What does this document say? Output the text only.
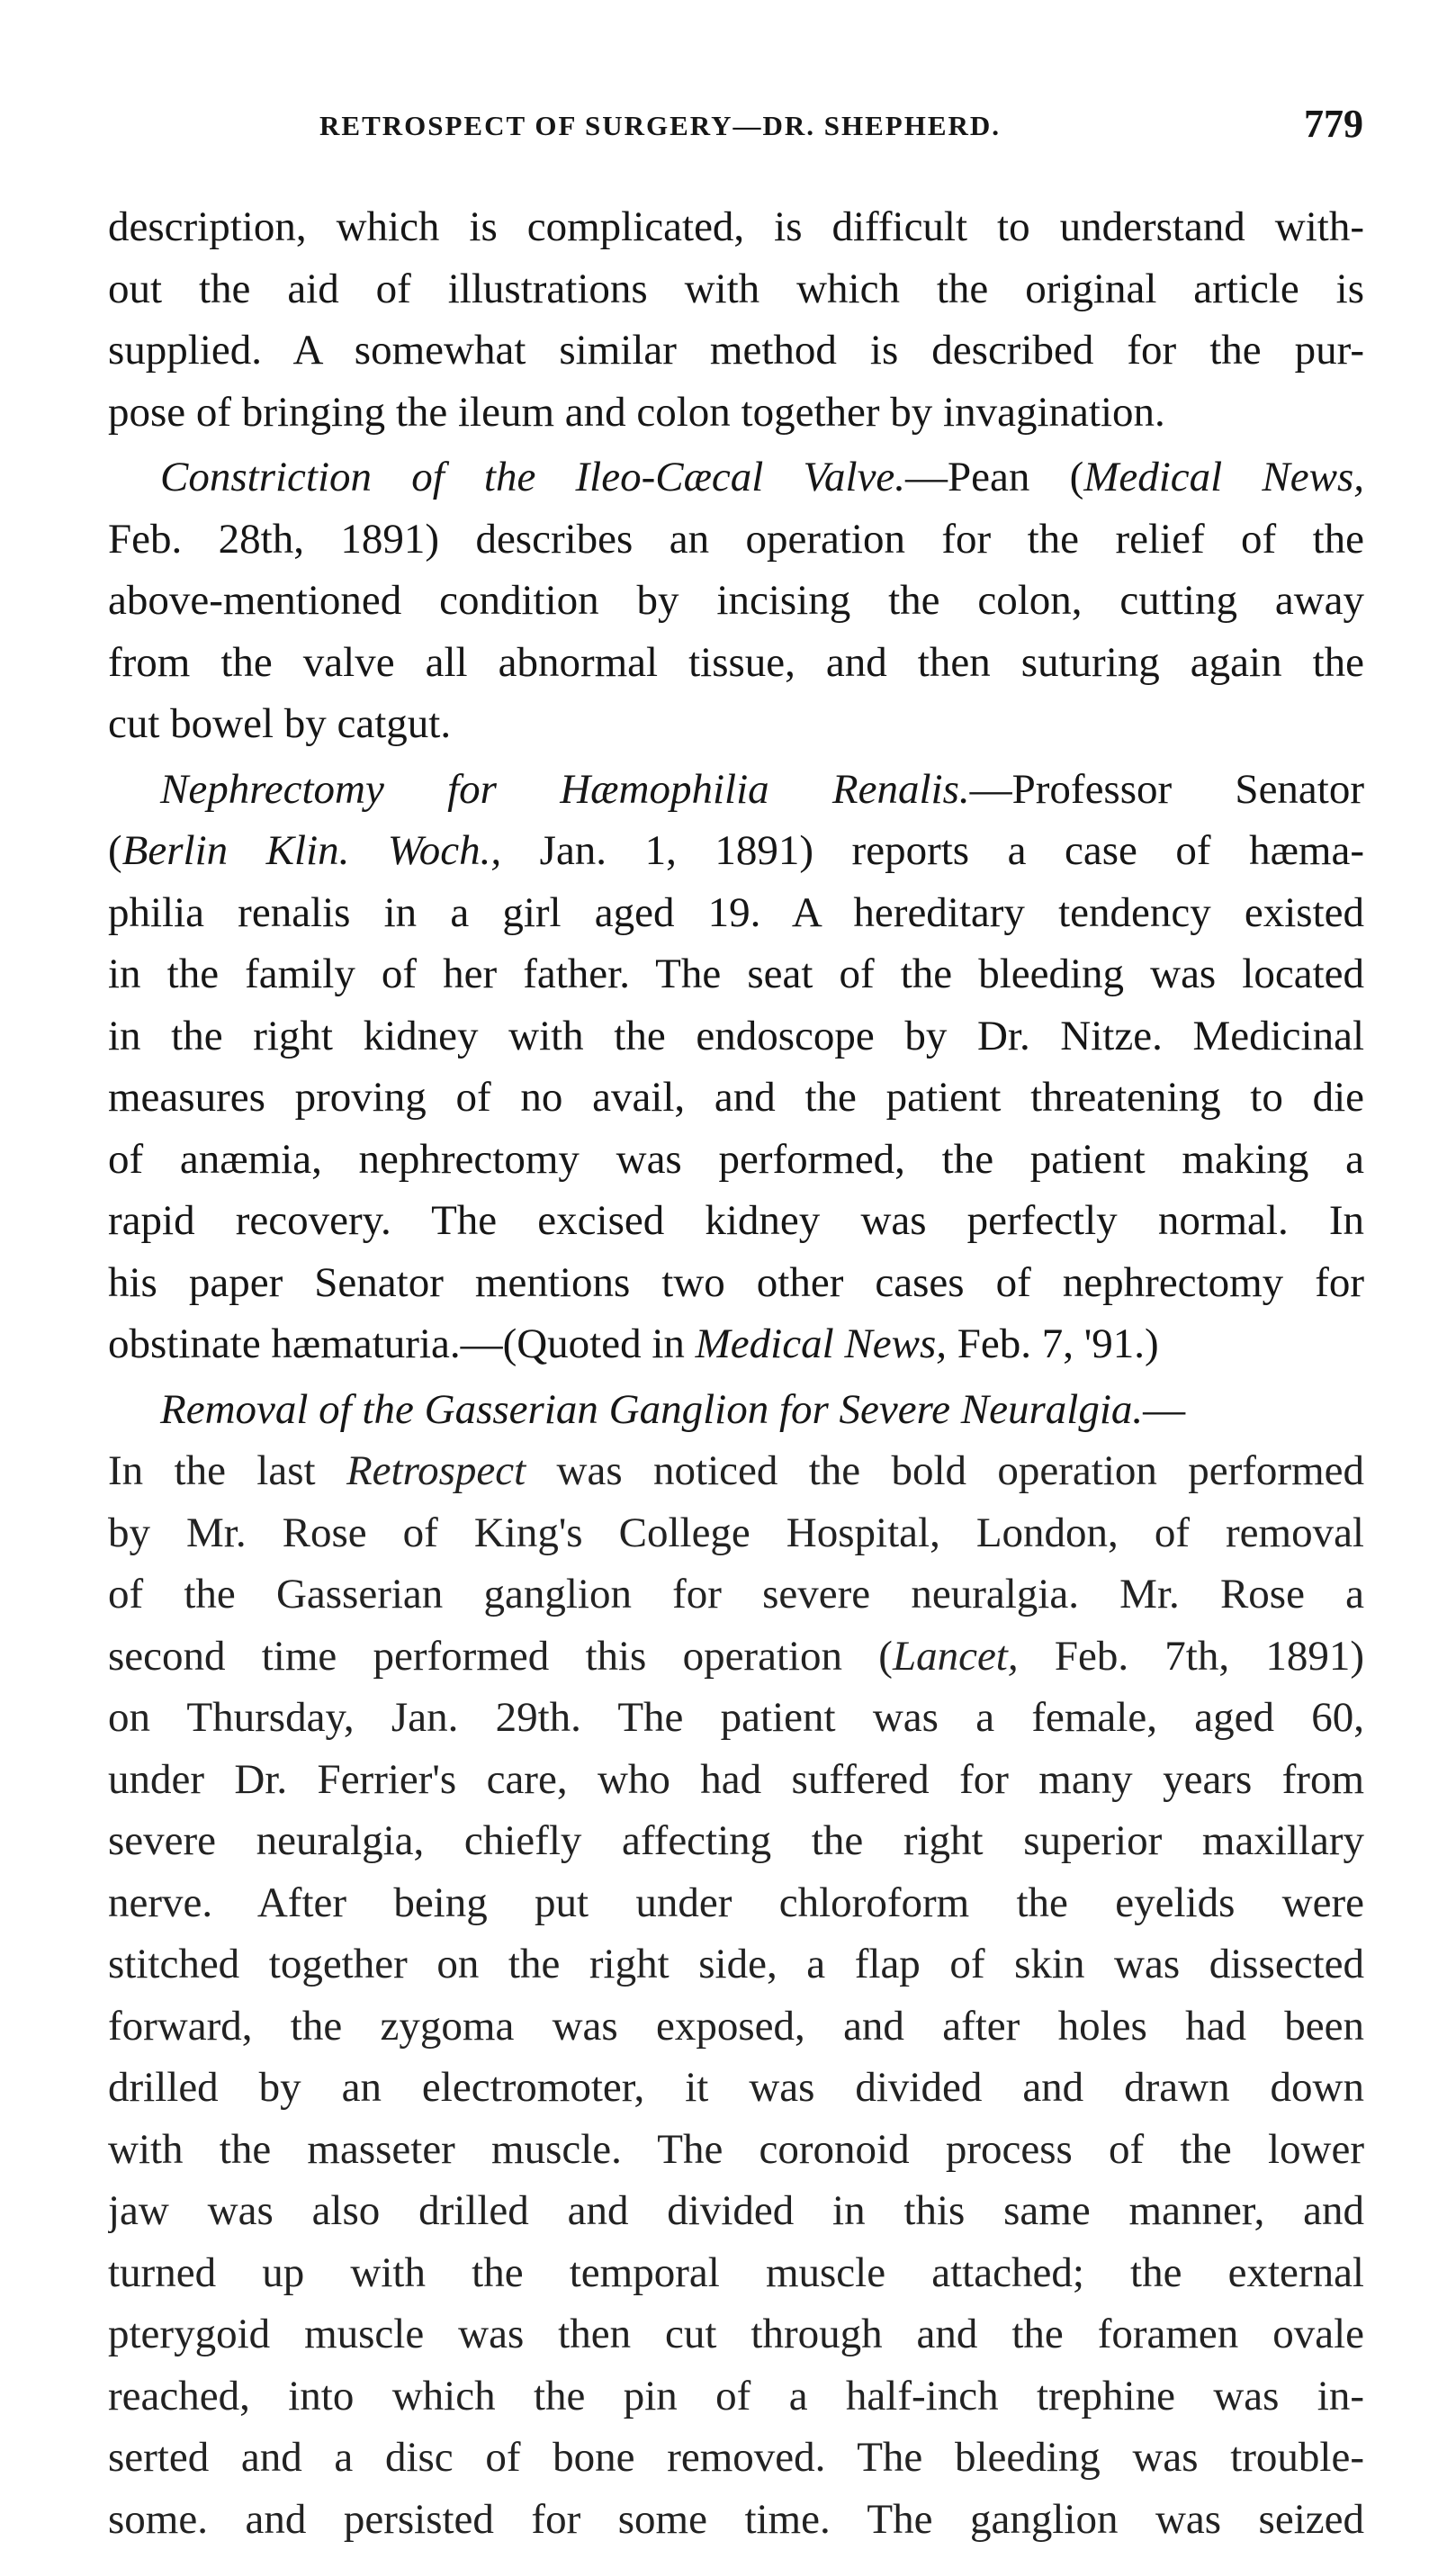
RETROSPECT OF SURGERY—DR. SHEPHERD.	779
description, which is complicated, is difficult to understand with-
out the aid of illustrations with which the original article is
supplied. A somewhat similar method is described for the pur-
pose of bringing the ileum and colon together by invagination.
Constriction of the Ileo-Cæcal Valve.—Pean (Medical News,
Feb. 28th, 1891) describes an operation for the relief of the
above-mentioned condition by incising the colon, cutting away
from the valve all abnormal tissue, and then suturing again the
cut bowel by catgut.
Nephrectomy for Hæmophilia Renalis.—Professor Senator
(Berlin Klin. Woch., Jan. 1, 1891) reports a case of hæma-
philia renalis in a girl aged 19. A hereditary tendency existed
in the family of her father. The seat of the bleeding was located
in the right kidney with the endoscope by Dr. Nitze. Medicinal
measures proving of no avail, and the patient threatening to die
of anæmia, nephrectomy was performed, the patient making a
rapid recovery. The excised kidney was perfectly normal. In
his paper Senator mentions two other cases of nephrectomy for
obstinate hæmaturia.—(Quoted in Medical News, Feb. 7, '91.)
Removal of the Gasserian Ganglion for Severe Neuralgia.—
In the last Retrospect was noticed the bold operation performed
by Mr. Rose of King's College Hospital, London, of removal
of the Gasserian ganglion for severe neuralgia. Mr. Rose a
second time performed this operation (Lancet, Feb. 7th, 1891)
on Thursday, Jan. 29th. The patient was a female, aged 60,
under Dr. Ferrier's care, who had suffered for many years from
severe neuralgia, chiefly affecting the right superior maxillary
nerve. After being put under chloroform the eyelids were
stitched together on the right side, a flap of skin was dissected
forward, the zygoma was exposed, and after holes had been
drilled by an electromoter, it was divided and drawn down
with the masseter muscle. The coronoid process of the lower
jaw was also drilled and divided in this same manner, and
turned up with the temporal muscle attached; the external
pterygoid muscle was then cut through and the foramen ovale
reached, into which the pin of a half-inch trephine was in-
serted and a disc of bone removed. The bleeding was trouble-
some. and persisted for some time. The ganglion was seized
